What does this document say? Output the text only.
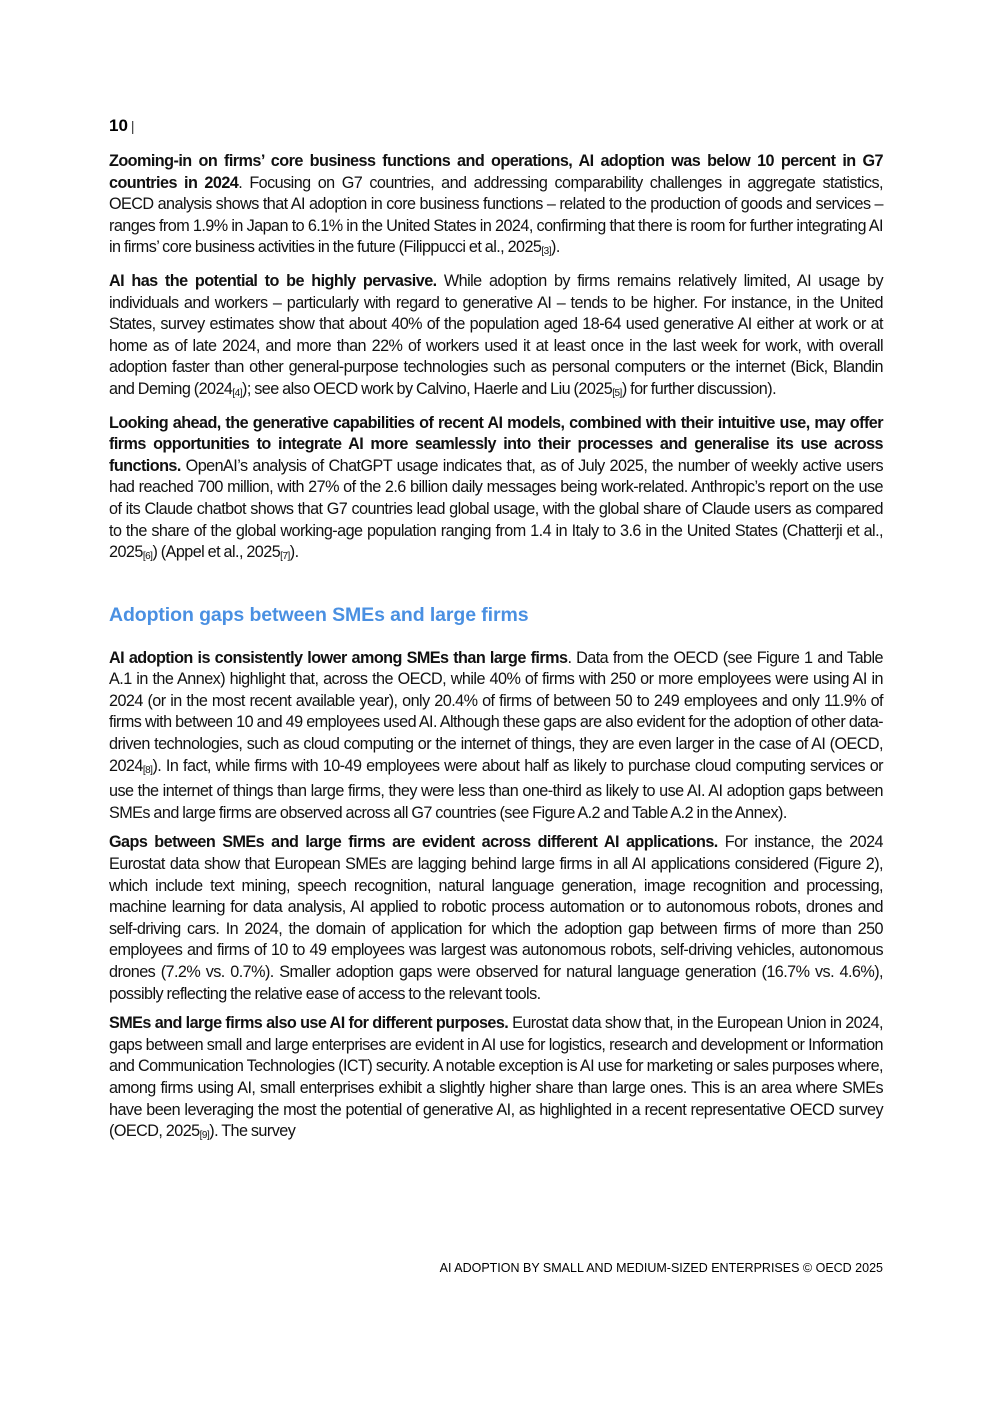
10 |

Zooming-in on firms’ core business functions and operations, AI adoption was below 10 percent in G7 countries in 2024. Focusing on G7 countries, and addressing comparability challenges in aggregate statistics, OECD analysis shows that AI adoption in core business functions – related to the production of goods and services – ranges from 1.9% in Japan to 6.1% in the United States in 2024, confirming that there is room for further integrating AI in firms’ core business activities in the future (Filippucci et al., $2025_{[3]}$).

AI has the potential to be highly pervasive. While adoption by firms remains relatively limited, AI usage by individuals and workers – particularly with regard to generative AI – tends to be higher. For instance, in the United States, survey estimates show that about 40% of the population aged 18-64 used generative AI either at work or at home as of late 2024, and more than 22% of workers used it at least once in the last week for work, with overall adoption faster than other general-purpose technologies such as personal computers or the internet (Bick, Blandin and Deming $(2024_{[4]})$; see also OECD work by Calvino, Haerle and Liu $(2025_{[5]})$ for further discussion).

Looking ahead, the generative capabilities of recent AI models, combined with their intuitive use, may offer firms opportunities to integrate AI more seamlessly into their processes and generalise its use across functions. OpenAI’s analysis of ChatGPT usage indicates that, as of July 2025, the number of weekly active users had reached 700 million, with 27% of the 2.6 billion daily messages being work-related. Anthropic’s report on the use of its Claude chatbot shows that G7 countries lead global usage, with the global share of Claude users as compared to the share of the global working-age population ranging from 1.4 in Italy to 3.6 in the United States (Chatterji et al., $2025_{[6]}$) (Appel et al., $2025_{[7]}$).

Adoption gaps between SMEs and large firms

AI adoption is consistently lower among SMEs than large firms. Data from the OECD (see Figure 1 and Table A.1 in the Annex) highlight that, across the OECD, while 40% of firms with 250 or more employees were using AI in 2024 (or in the most recent available year), only 20.4% of firms of between 50 to 249 employees and only 11.9% of firms with between 10 and 49 employees used AI. Although these gaps are also evident for the adoption of other data-driven technologies, such as cloud computing or the internet of things, they are even larger in the case of AI (OECD, $2024_{[8]}$). In fact, while firms with 10-49 employees were about half as likely to purchase cloud computing services or use the internet of things than large firms, they were less than one-third as likely to use AI. AI adoption gaps between SMEs and large firms are observed across all G7 countries (see Figure A.2 and Table A.2 in the Annex).

Gaps between SMEs and large firms are evident across different AI applications. For instance, the 2024 Eurostat data show that European SMEs are lagging behind large firms in all AI applications considered (Figure 2), which include text mining, speech recognition, natural language generation, image recognition and processing, machine learning for data analysis, AI applied to robotic process automation or to autonomous robots, drones and self-driving cars. In 2024, the domain of application for which the adoption gap between firms of more than 250 employees and firms of 10 to 49 employees was largest was autonomous robots, self-driving vehicles, autonomous drones (7.2% vs. 0.7%). Smaller adoption gaps were observed for natural language generation (16.7% vs. 4.6%), possibly reflecting the relative ease of access to the relevant tools.

SMEs and large firms also use AI for different purposes. Eurostat data show that, in the European Union in 2024, gaps between small and large enterprises are evident in AI use for logistics, research and development or Information and Communication Technologies (ICT) security. A notable exception is AI use for marketing or sales purposes where, among firms using AI, small enterprises exhibit a slightly higher share than large ones. This is an area where SMEs have been leveraging the most the potential of generative AI, as highlighted in a recent representative OECD survey (OECD, $2025_{[9]}$). The survey

AI ADOPTION BY SMALL AND MEDIUM-SIZED ENTERPRISES © OECD 2025
